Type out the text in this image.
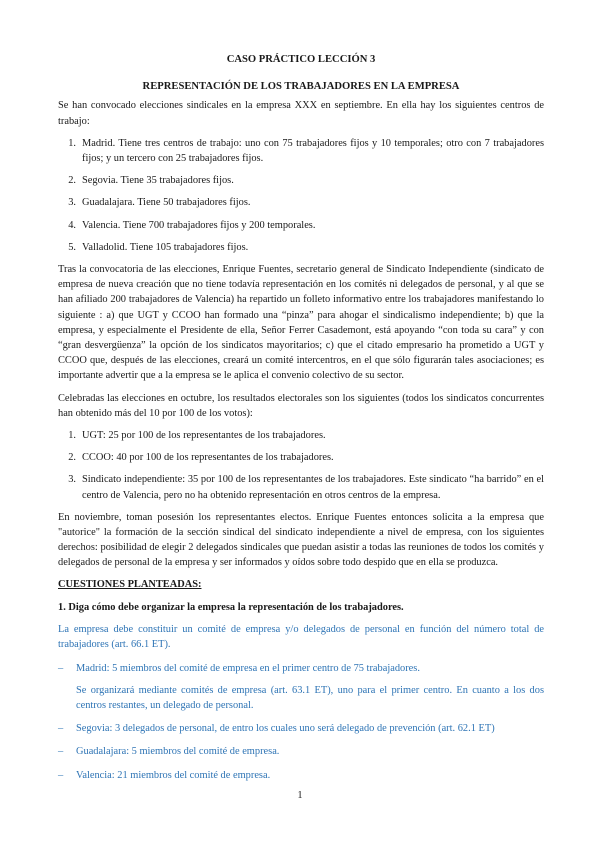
CASO PRÁCTICO LECCIÓN 3

REPRESENTACIÓN DE LOS TRABAJADORES EN LA EMPRESA

Se han convocado elecciones sindicales en la empresa XXX en septiembre. En ella hay los siguientes centros de trabajo:

1. Madrid. Tiene tres centros de trabajo: uno con 75 trabajadores fijos y 10 temporales; otro con 7 trabajadores fijos; y un tercero con 25 trabajadores fijos.
2. Segovia. Tiene 35 trabajadores fijos.
3. Guadalajara. Tiene 50 trabajadores fijos.
4. Valencia. Tiene 700 trabajadores fijos y 200 temporales.
5. Valladolid. Tiene 105 trabajadores fijos.

Tras la convocatoria de las elecciones, Enrique Fuentes, secretario general de Sindicato Independiente (sindicato de empresa de nueva creación que no tiene todavía representación en los comités ni delegados de personal, y al que se han afiliado 200 trabajadores de Valencia) ha repartido un folleto informativo entre los trabajadores manifestando lo siguiente : a) que UGT y CCOO han formado una “pinza” para ahogar el sindicalismo independiente; b) que la empresa, y especialmente el Presidente de ella, Señor Ferrer Casademont, está apoyando “con toda su cara” y con “gran desvergüenza” la opción de los sindicatos mayoritarios; c) que el citado empresario ha prometido a UGT y CCOO que, después de las elecciones, creará un comité intercentros, en el que sólo figurarán tales asociaciones; es importante advertir que a la empresa se le aplica el convenio colectivo de su sector.

Celebradas las elecciones en octubre, los resultados electorales son los siguientes (todos los sindicatos concurrentes han obtenido más del 10 por 100 de los votos):

1. UGT: 25 por 100 de los representantes de los trabajadores.
2. CCOO: 40 por 100 de los representantes de los trabajadores.
3. Sindicato independiente: 35 por 100 de los representantes de los trabajadores. Este sindicato “ha barrido” en el centro de Valencia, pero no ha obtenido representación en otros centros de la empresa.

En noviembre, toman posesión los representantes electos. Enrique Fuentes entonces solicita a la empresa que "autorice" la formación de la sección sindical del sindicato independiente a nivel de empresa, con los siguientes derechos: posibilidad de elegir 2 delegados sindicales que puedan asistir a todas las reuniones de todos los comités y delegados de personal de la empresa y ser informados y oídos sobre todo despido que en ella se produzca.

CUESTIONES PLANTEADAS:

1. Diga cómo debe organizar la empresa la representación de los trabajadores.

La empresa debe constituir un comité de empresa y/o delegados de personal en función del número total de trabajadores (art. 66.1 ET).

– Madrid: 5 miembros del comité de empresa en el primer centro de 75 trabajadores.

Se organizará mediante comités de empresa (art. 63.1 ET), uno para el primer centro. En cuanto a los dos centros restantes, un delegado de personal.

– Segovia: 3 delegados de personal, de entro los cuales uno será delegado de prevención (art. 62.1 ET)
– Guadalajara: 5 miembros del comité de empresa.
– Valencia: 21 miembros del comité de empresa.
1
